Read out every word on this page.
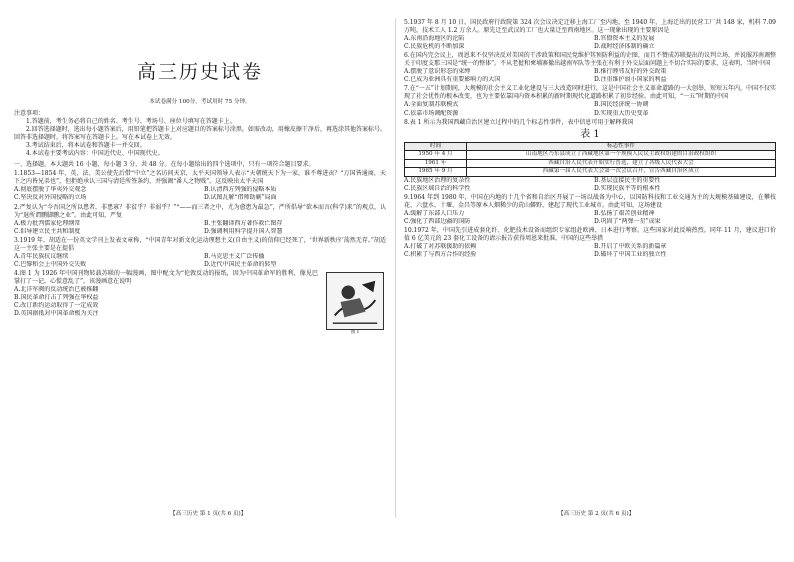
高三历史试卷
本试卷满分 100分，考试用时 75 分钟。
注意事项：
1.答题前，考生务必将自己的姓名、考生号、考场号、座位号填写在答题卡上。
2.回答选择题时，选出每小题答案后，用铅笔把答题卡上对应题目的答案标号涂黑。如需改动，用橡皮擦干净后，再选涂其他答案标号。回答非选择题时，将答案写在答题卡上。写在本试卷上无效。
3.考试结束后，将本试卷和答题卡一并交回。
4.本试卷主要考试内容：中国近代史、中国现代史。
一、选择题，本大题共 16 小题，每小题 3 分，共 48 分。在每小题给出的四个选项中，只有一项符合题目要求。
1.1853—1854 年，英、法、美公使先后借“中立”之名访问天京，太平天国领导人表示“天朝统天下为一家，谁不尊进贡？“万国皆通商，天下之内皆兄弟也”，但拒绝承认三国与清廷所签条约，并强调“番人之物贱”。这反映出太平天国
A.彻底摆脱了华夷外交观念	B.认清西方列强的侵略本质
C.坚决反对外国侵略的立场	D.试图瓦解“借师助剿”局面
2.严复认为“今吾国之所以患者，非患寡？非贫乎？非弱乎？”“——而三者之中，尤为愈患为最急”，严所倡导“欲本而言(科学)来”的观点，认为“退所谓鹏脚鹏之业”。由此可知，严复
A.极力批判儒家伦理纲常	B.主张翻译西方著作救亡图存
C.倡导建立民主共和制度	D.强调利用科学提升国人智慧
3.1919 年，胡适在一份英文学刊上发表文章称，“中国青年对新文化运动理想主义(自由主义)的信仰已经死了，‘世界新秩序’荡然无存。”胡适这一主张主要是在提倡
A.青年民族抗议继续	B.马克思主义广泛传播
C.巴黎和会上中国外交失败	D.近代中国民主革命的转型
4.图 1 为 1926 年中国刊物转载苏联的一幅漫画，图中配文为“伦敦反动的报纸，因为中国革命军的胜利，像见巴掌打了一记，心慌意乱了”。该漫画意在说明
A.北洋军阀的反动统治已被推翻
B.国民革命打击了列强在华权益
C.改订新约运动取得了一定成效
D.英国据抵对中国革命极为关注
图 1
5.1937 年 8 月 10 日，国民政府行政院第 324 次会议决定迁移上海工厂至内地。至 1940 年，上海迁出的民营工厂共 148 家，机料 7.09 万吨，技术工人 1.2 万余人。原先迁至武汉的工厂也大量迁至西南地区。这一现象出现的主要原因是
A.东南沿海地区的沦陷	B.官僚资本主义的发展
C.民族危机的不断加深	D.战时经济体制的确立
6.在国内完会议上，周恩来不仅坚决反对美国的干涉政策和国民党维护其预防利益的企图，而且不赞成苏联提出的议判立场，并说服苏南调整关于印度支那三国是“统一的整体”。不从老挝和柬埔寨撤出越南军队等主张在有利于外交层面问题上不切合实际的要求，这表明，当时中国
A.摆脱了意识形态的束缚	B.推行睦邻友好的外交政策
C.已成为亚洲具有重要影响力的大国	D.注重维护弱小国家的利益
7.在“一五”计划期间，大规模的社会主义工业化建设与三大改造同时进行，这是中国社会主义革命道路的一大创举，短短五年内，中国不仅实现了社会优性的根本改变，也为主要依靠国内资本积累的新时期现代化道路积累了初步经验。由此可知，“一五”时期的中国
A.全面复制苏联模式	B.国民经济统一协调
C.依靠市场调配资源	D.实现重大历史变革
8.表 1 所示为我国西藏自治区建立过程中的几个标志性事件，表中信息可用于解释我国
表 1
时间	标志性事件
1950 年 4 月	山南地区乃东县成立了西藏地区第一个规模人民民主政权组建的目治政权组织
1961 年	西藏自治人民代表开始实行普选，建立了各级人民代表大会
1965 年 9 月	西藏第一届人民代表大会第一次会议召开，宣告西藏自治区成立
A.民族地区治理的复杂性	B.基层直接民主的重要性
C.民族区域自治的科学性	D.实现民族平等的根本性
9.1964 年到 1980 年，中国在内地的十几个省和自治区开展了一场以战备为中心，以国防科技和工业交通为主的大规模基础建设，在攀枝花、六盘水、十堰、金昌等原本人烟稀少的荒山僻野，建起了现代工业城市。由此可知，这场建设
A.缓解了东部人口压力	B.弘扬了艰苦创业精神
C.强化了西部边疆的国防	D.巩固了“两弹一星”成果
10.1972 年，中国先引进成套化纤、化肥技术设备而组织专家组赴欧洲、日本进行考察。这些国家对此反响热烈。同年 11 月，建议进口价值 6 亿美元的 23 套化工设备的请示报告获得周恩来批准。中国的这些举措
A.打破了对苏联援助的依赖	B.开启了中欧关系的新篇章
C.积累了与西方合作的经验	D.破坏了中国工业的独立性
【高三历史 第 1 页(共 6 页)】	【高三历史 第 2 页(共 6 页)】
